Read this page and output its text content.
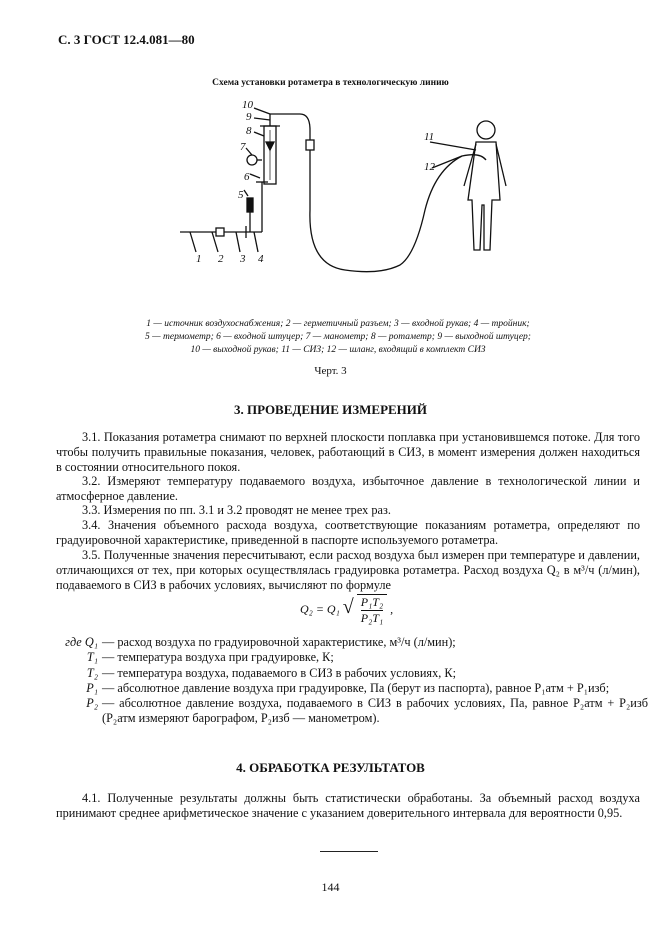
С. 3 ГОСТ 12.4.081—80
Схема установки ротаметра в технологическую линию
1 2 3 4
5
6
7
8
9
10
11
12
1 — источник воздухоснабжения; 2 — герметичный разъем; 3 — входной рукав; 4 — тройник;
5 — термометр; 6 — входной штуцер; 7 — манометр; 8 — ротаметр; 9 — выходной штуцер;
10 — выходной рукав; 11 — СИЗ; 12 — шланг, входящий в комплект СИЗ
Черт. 3
3. ПРОВЕДЕНИЕ ИЗМЕРЕНИЙ
3.1. Показания ротаметра снимают по верхней плоскости поплавка при установившемся потоке. Для того чтобы получить правильные показания, человек, работающий в СИЗ, в момент измерения должен находиться в состоянии относительного покоя.
3.2. Измеряют температуру подаваемого воздуха, избыточное давление в технологической линии и атмосферное давление.
3.3. Измерения по пп. 3.1 и 3.2 проводят не менее трех раз.
3.4. Значения объемного расхода воздуха, соответствующие показаниям ротаметра, определяют по градуировочной характеристике, приведенной в паспорте используемого ротаметра.
3.5. Полученные значения пересчитывают, если расход воздуха был измерен при температуре и давлении, отличающихся от тех, при которых осуществлялась градуировка ротаметра. Расход воздуха Q₂ в м³/ч (л/мин), подаваемого в СИЗ в рабочих условиях, вычисляют по формуле
Q₂ = Q₁ √ $\frac{\text{P₁T₂}}{\text{P₂T₁}}$ ,
где Q₁ — расход воздуха по градуировочной характеристике, м³/ч (л/мин);
T₁ — температура воздуха при градуировке, К;
T₂ — температура воздуха, подаваемого в СИЗ в рабочих условиях, К;
P₁ — абсолютное давление воздуха при градуировке, Па (берут из паспорта), равное P₁атм + P₁изб;
P₂ — абсолютное давление воздуха, подаваемого в СИЗ в рабочих условиях, Па, равное P₂атм + P₂изб (P₂атм измеряют барографом, P₂изб — манометром).
4. ОБРАБОТКА РЕЗУЛЬТАТОВ
4.1. Полученные результаты должны быть статистически обработаны. За объемный расход воздуха принимают среднее арифметическое значение с указанием доверительного интервала для вероятности 0,95.
144
